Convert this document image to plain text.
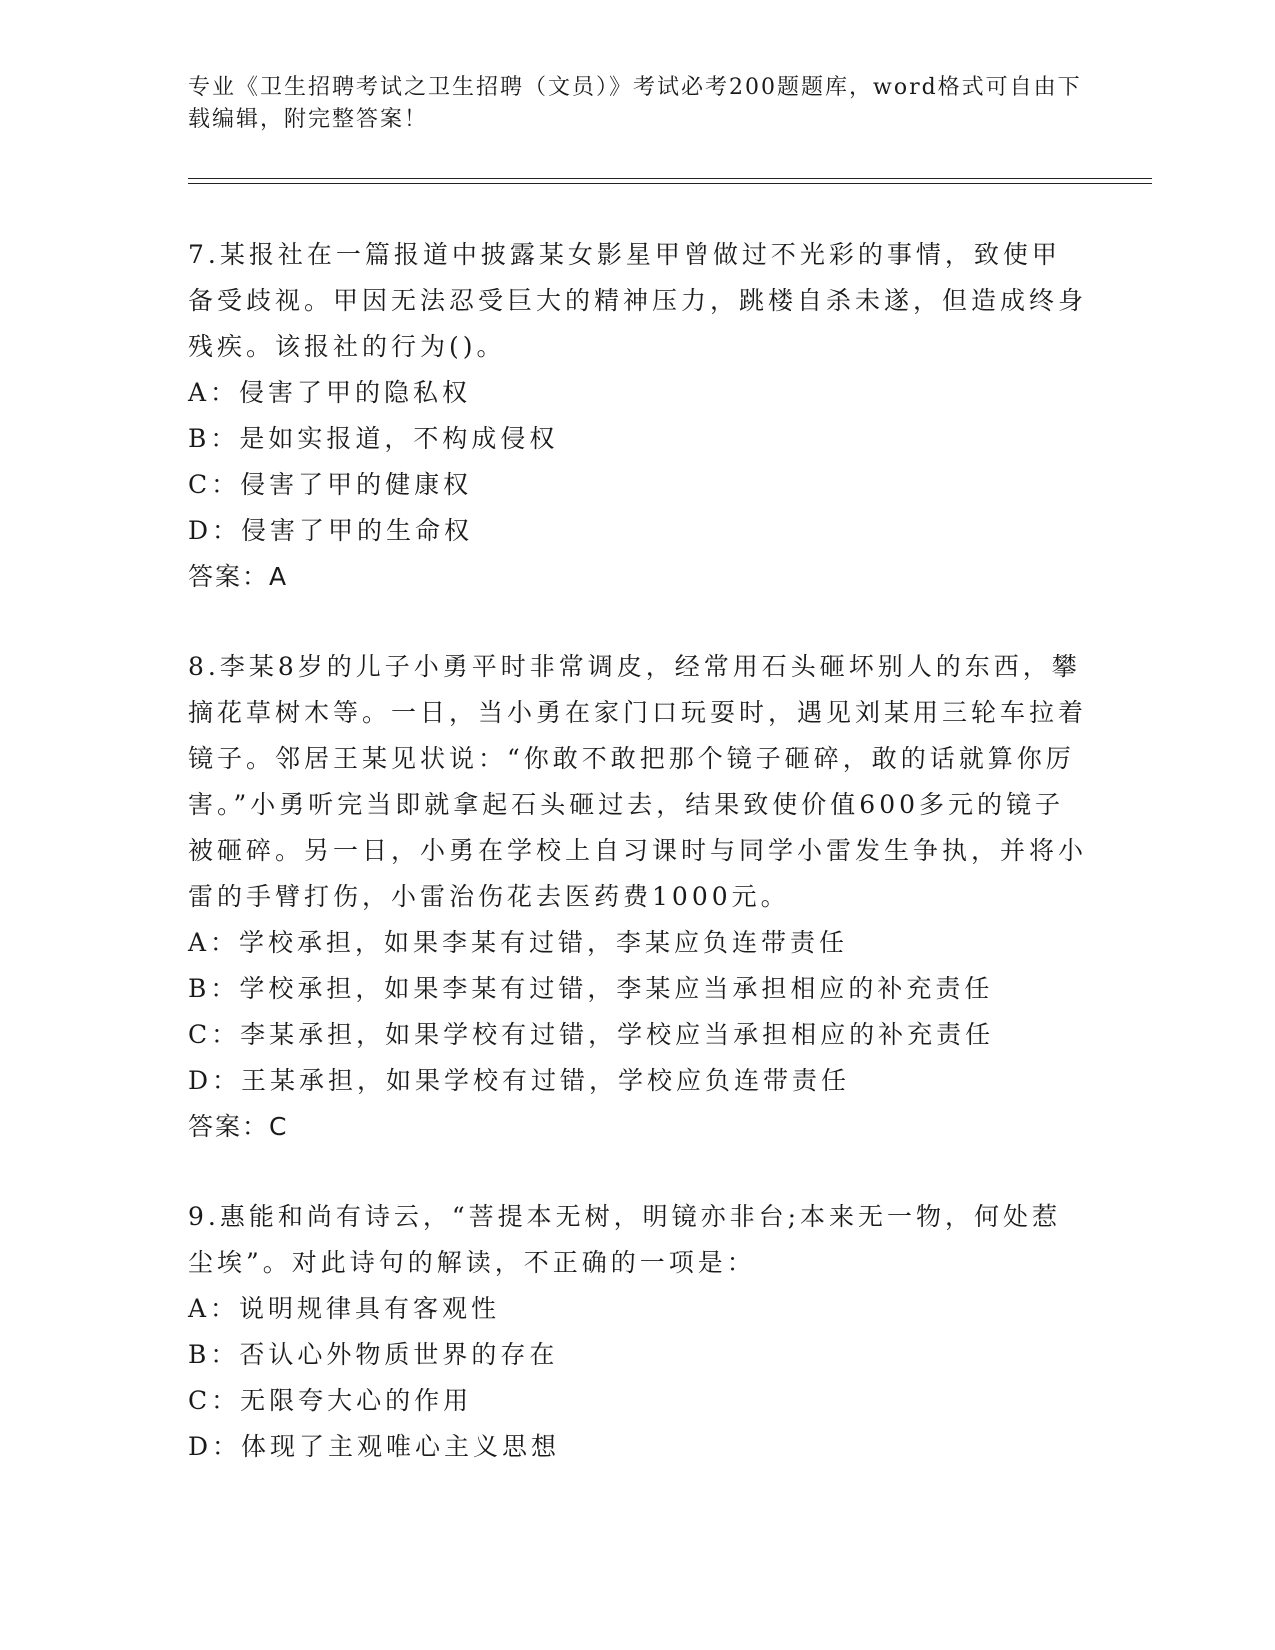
专业《卫生招聘考试之卫生招聘（文员）》考试必考200题题库，word格式可自由下载编辑，附完整答案！
7.某报社在一篇报道中披露某女影星甲曾做过不光彩的事情，致使甲备受歧视。甲因无法忍受巨大的精神压力，跳楼自杀未遂，但造成终身残疾。该报社的行为()。
A：侵害了甲的隐私权
B：是如实报道，不构成侵权
C：侵害了甲的健康权
D：侵害了甲的生命权
答案：A
8.李某8岁的儿子小勇平时非常调皮，经常用石头砸坏别人的东西，攀摘花草树木等。一日，当小勇在家门口玩耍时，遇见刘某用三轮车拉着镜子。邻居王某见状说：“你敢不敢把那个镜子砸碎，敢的话就算你厉害。”小勇听完当即就拿起石头砸过去，结果致使价值600多元的镜子被砸碎。另一日，小勇在学校上自习课时与同学小雷发生争执，并将小雷的手臂打伤，小雷治伤花去医药费1000元。
A：学校承担，如果李某有过错，李某应负连带责任
B：学校承担，如果李某有过错，李某应当承担相应的补充责任
C：李某承担，如果学校有过错，学校应当承担相应的补充责任
D：王某承担，如果学校有过错，学校应负连带责任
答案：C
9.惠能和尚有诗云，“菩提本无树，明镜亦非台;本来无一物，何处惹尘埃”。对此诗句的解读，不正确的一项是：
A：说明规律具有客观性
B：否认心外物质世界的存在
C：无限夸大心的作用
D：体现了主观唯心主义思想
